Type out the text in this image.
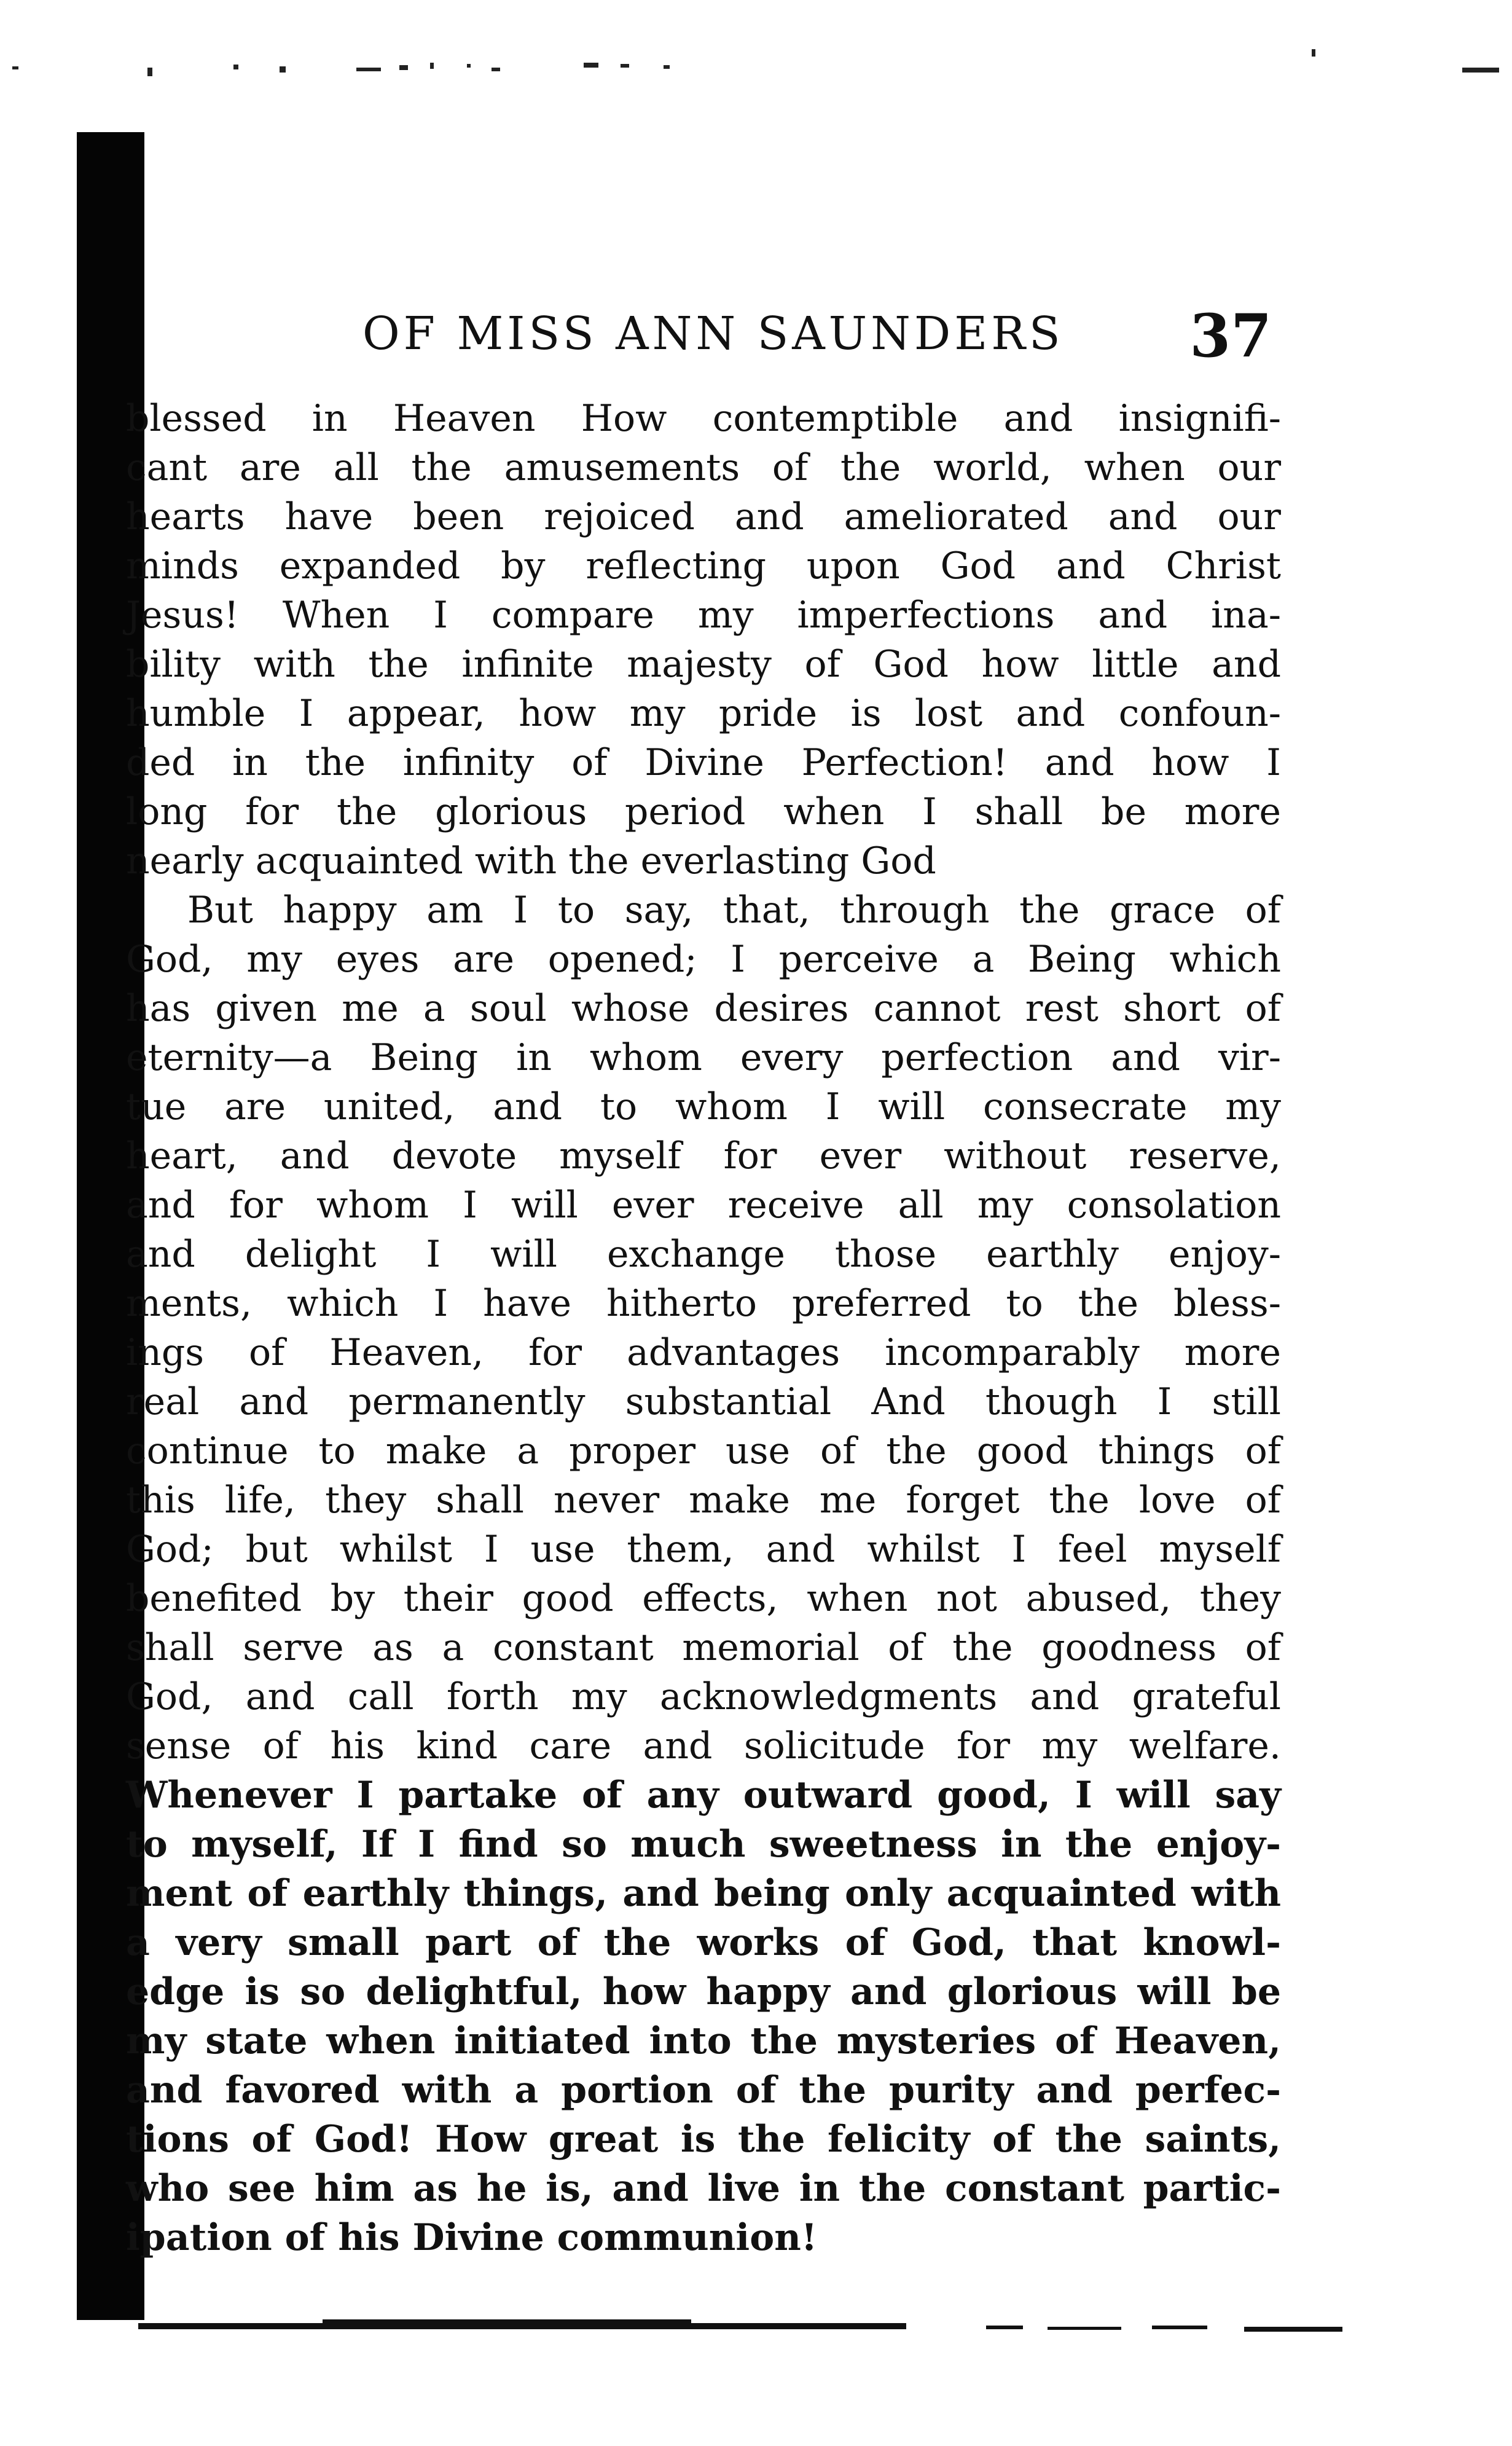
OF MISS ANN SAUNDERS 37
blessed in Heaven How contemptible and insignifi-
cant are all the amusements of the world, when our
hearts have been rejoiced and ameliorated and our
minds expanded by reflecting upon God and Christ
Jesus! When I compare my imperfections and ina-
bility with the infinite majesty of God how little and
humble I appear, how my pride is lost and confoun-
ded in the infinity of Divine Perfection! and how I
long for the glorious period when I shall be more
nearly acquainted with the everlasting God
But happy am I to say, that, through the grace of
God, my eyes are opened; I perceive a Being which
has given me a soul whose desires cannot rest short of
eternity—a Being in whom every perfection and vir-
tue are united, and to whom I will consecrate my
heart, and devote myself for ever without reserve,
and for whom I will ever receive all my consolation
and delight I will exchange those earthly enjoy-
ments, which I have hitherto preferred to the bless-
ings of Heaven, for advantages incomparably more
real and permanently substantial And though I still
continue to make a proper use of the good things of
this life, they shall never make me forget the love of
God; but whilst I use them, and whilst I feel myself
benefited by their good effects, when not abused, they
shall serve as a constant memorial of the goodness of
God, and call forth my acknowledgments and grateful
sense of his kind care and solicitude for my welfare.
Whenever I partake of any outward good, I will say
to myself, If I find so much sweetness in the enjoy-
ment of earthly things, and being only acquainted with
a very small part of the works of God, that knowl-
edge is so delightful, how happy and glorious will be
my state when initiated into the mysteries of Heaven,
and favored with a portion of the purity and perfec-
tions of God! How great is the felicity of the saints,
who see him as he is, and live in the constant partic-
ipation of his Divine communion!
